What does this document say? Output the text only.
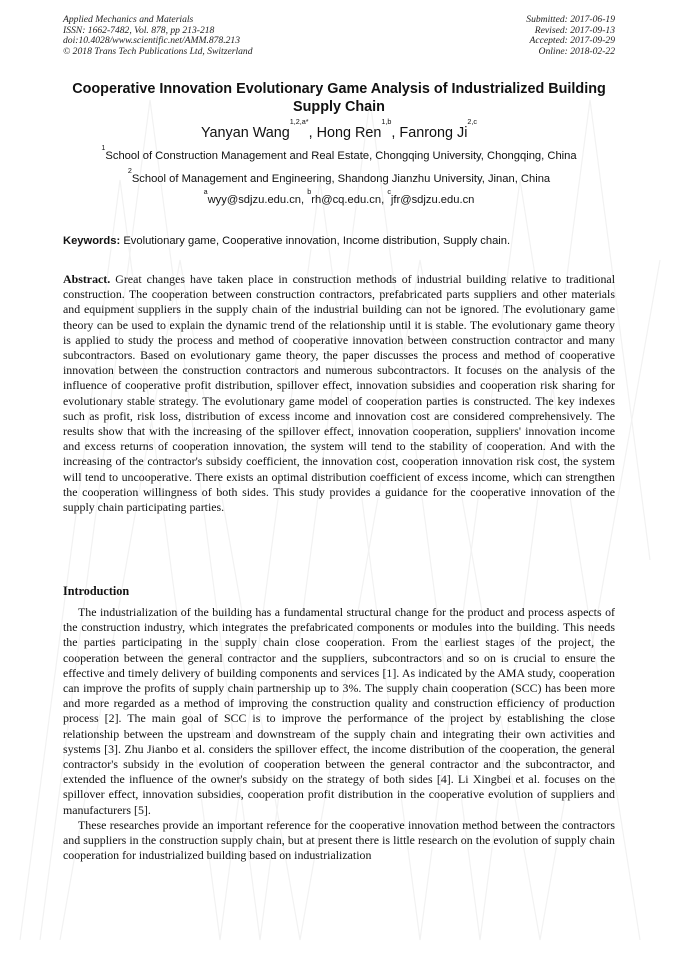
Applied Mechanics and Materials
ISSN: 1662-7482, Vol. 878, pp 213-218
doi:10.4028/www.scientific.net/AMM.878.213
© 2018 Trans Tech Publications Ltd, Switzerland
Submitted: 2017-06-19
Revised: 2017-09-13
Accepted: 2017-09-29
Online: 2018-02-22
Cooperative Innovation Evolutionary Game Analysis of Industrialized Building Supply Chain
Yanyan Wang$^{1,2,a*}$, Hong Ren$^{1,b}$, Fanrong Ji$^{2,c}$
$^1$School of Construction Management and Real Estate, Chongqing University, Chongqing, China
$^2$School of Management and Engineering, Shandong Jianzhu University, Jinan, China
$^a$wyy@sdjzu.edu.cn, $^b$rh@cq.edu.cn, $^c$jfr@sdjzu.edu.cn
Keywords: Evolutionary game, Cooperative innovation, Income distribution, Supply chain.
Abstract. Great changes have taken place in construction methods of industrial building relative to traditional construction. The cooperation between construction contractors, prefabricated parts suppliers and other materials and equipment suppliers in the supply chain of the industrial building can not be ignored. The evolutionary game theory can be used to explain the dynamic trend of the relationship until it is stable. The evolutionary game theory is applied to study the process and method of cooperative innovation between construction contractor and many subcontractors. Based on evolutionary game theory, the paper discusses the process and method of cooperative innovation between the construction contractors and numerous subcontractors. It focuses on the analysis of the influence of cooperative profit distribution, spillover effect, innovation subsidies and cooperation risk sharing for evolutionary stable strategy. The evolutionary game model of cooperation parties is constructed. The key indexes such as profit, risk loss, distribution of excess income and innovation cost are considered comprehensively. The results show that with the increasing of the spillover effect, innovation cooperation, suppliers' innovation income and excess returns of cooperation innovation, the system will tend to the stability of cooperation. And with the increasing of the contractor's subsidy coefficient, the innovation cost, cooperation innovation risk cost, the system will tend to uncooperative. There exists an optimal distribution coefficient of excess income, which can strengthen the cooperation willingness of both sides. This study provides a guidance for the cooperative innovation of the supply chain participating parties.
Introduction

The industrialization of the building has a fundamental structural change for the product and process aspects of the construction industry, which integrates the prefabricated components or modules into the building. This needs the parties participating in the supply chain close cooperation. From the earliest stages of the project, the cooperation between the general contractor and the suppliers, subcontractors and so on is crucial to ensure the effective and timely delivery of building components and services [1]. As indicated by the AMA study, cooperation can improve the profits of supply chain partnership up to 3%. The supply chain cooperation (SCC) has been more and more regarded as a method of improving the construction quality and construction efficiency of production process [2]. The main goal of SCC is to improve the performance of the project by establishing the close relationship between the upstream and downstream of the supply chain and integrating their own activities and systems [3]. Zhu Jianbo et al. considers the spillover effect, the income distribution of the cooperation, the general contractor's subsidy in the evolution of cooperation between the general contractor and the subcontractor, and extended the influence of the owner's subsidy on the strategy of both sides [4]. Li Xingbei et al. focuses on the spillover effect, innovation subsidies, cooperation profit distribution in the cooperative evolution of suppliers and manufacturers [5].

These researches provide an important reference for the cooperative innovation method between the contractors and suppliers in the construction supply chain, but at present there is little research on the evolution of supply chain cooperation for industrialized building based on industrialization
